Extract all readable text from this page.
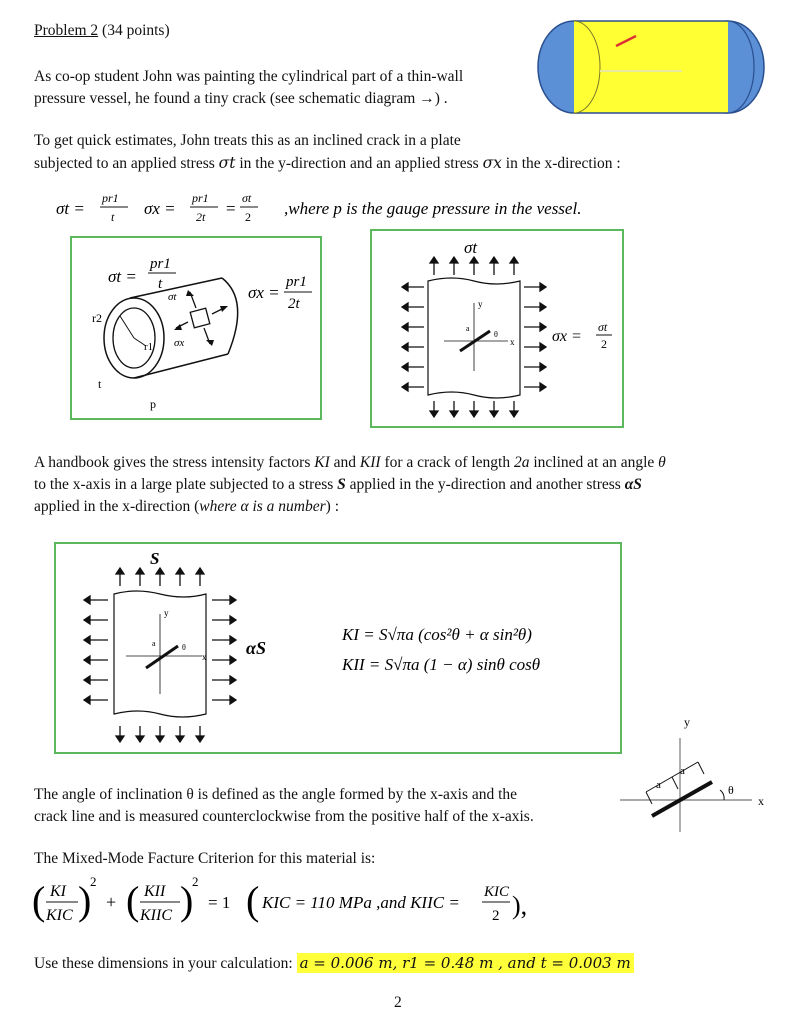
Problem 2 (34 points)
As co-op student John was painting the cylindrical part of a thin-wall
pressure vessel, he found a tiny crack (see schematic diagram →) .
To get quick estimates, John treats this as an inclined crack in a plate
subjected to an applied stress σt in the y-direction and an applied stress σx in the x-direction :
σt =
pr1
t σx =
pr1
2t =
σt
2 ,where p is the gauge pressure in the vessel.
σt =
pr1
t	σx =
pr1
2t
σt
σx
r2
r1
t
p
σt
y
x
a
θ	σx =
σt
2
A handbook gives the stress intensity factors KI and KII for a crack of length 2a inclined at an angle θ
to the x-axis in a large plate subjected to a stress S applied in the y-direction and another stress αS
applied in the x-direction (where α is a number) :
S
y
x
a	θ	αS
KI = S√πa (cos²θ + α sin²θ)
KII = S√πa (1 − α) sinθ cosθ
The angle of inclination θ is defined as the angle formed by the x-axis and the
crack line and is measured counterclockwise from the positive half of the x-axis.
y
x
a
a
θ
The Mixed-Mode Facture Criterion for this material is:
( KI
KIC )
2
+ ( KII
KIIC )
2
= 1 ( KIC = 110 MPa ,and KIIC =
KIC
2 ),
Use these dimensions in your calculation: a = 0.006 m, r1 = 0.48 m , and t = 0.003 m
2
